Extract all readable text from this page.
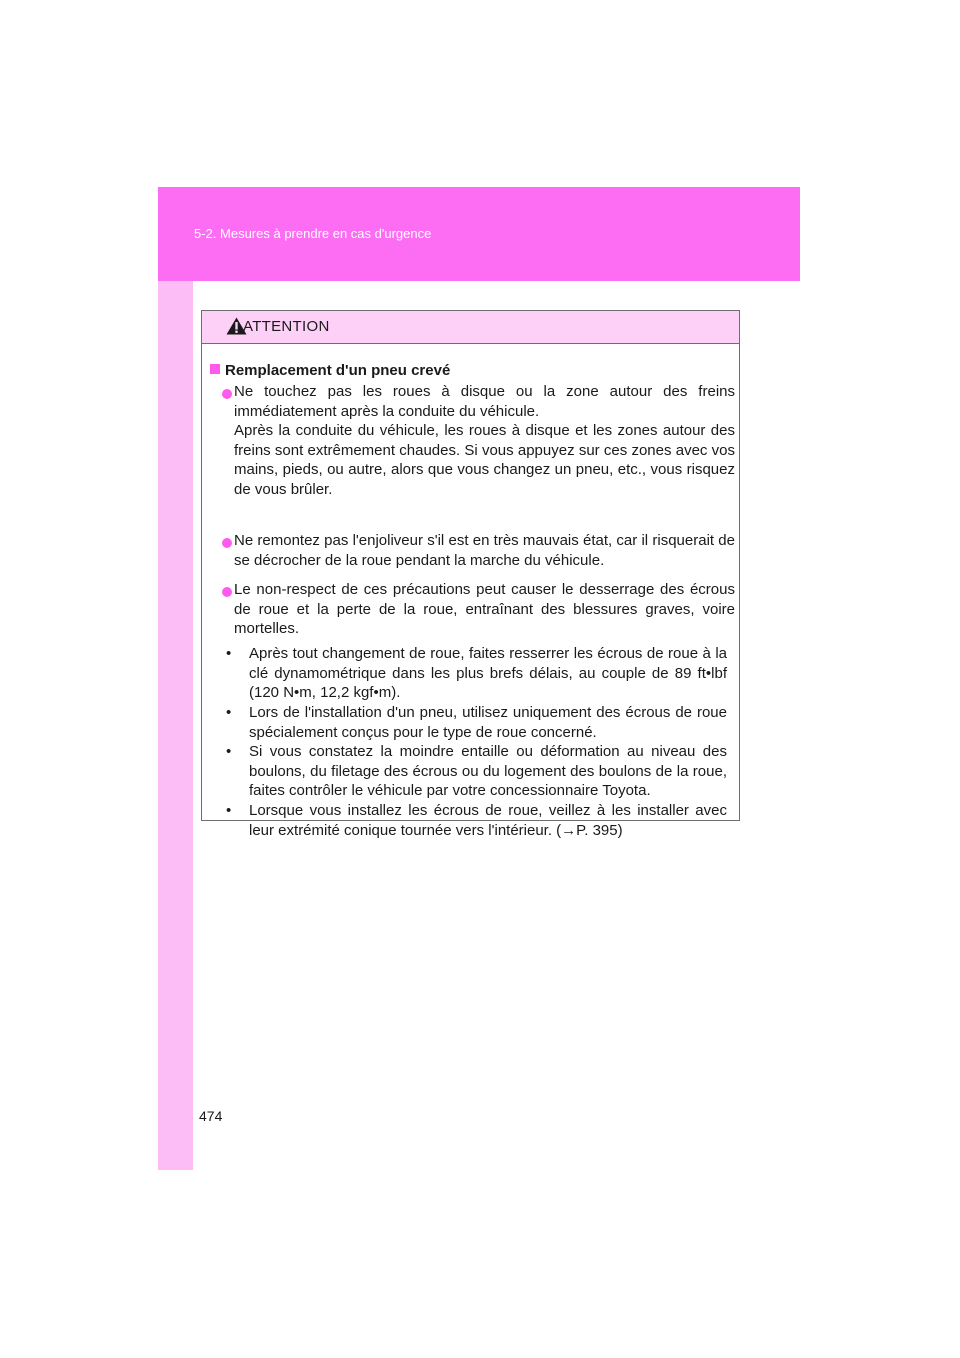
5-2. Mesures à prendre en cas d'urgence
ATTENTION
Remplacement d'un pneu crevé
Ne touchez pas les roues à disque ou la zone autour des freins immédiatement après la conduite du véhicule.
Après la conduite du véhicule, les roues à disque et les zones autour des freins sont extrêmement chaudes. Si vous appuyez sur ces zones avec vos mains, pieds, ou autre, alors que vous changez un pneu, etc., vous risquez de vous brûler.
Ne remontez pas l'enjoliveur s'il est en très mauvais état, car il risquerait de se décrocher de la roue pendant la marche du véhicule.
Le non-respect de ces précautions peut causer le desserrage des écrous de roue et la perte de la roue, entraînant des blessures graves, voire mortelles.
• Après tout changement de roue, faites resserrer les écrous de roue à la clé dynamométrique dans les plus brefs délais, au couple de 89 ft•lbf (120 N•m, 12,2 kgf•m).
• Lors de l'installation d'un pneu, utilisez uniquement des écrous de roue spécialement conçus pour le type de roue concerné.
• Si vous constatez la moindre entaille ou déformation au niveau des boulons, du filetage des écrous ou du logement des boulons de la roue, faites contrôler le véhicule par votre concessionnaire Toyota.
• Lorsque vous installez les écrous de roue, veillez à les installer avec leur extrémité conique tournée vers l'intérieur. (→P. 395)
474
